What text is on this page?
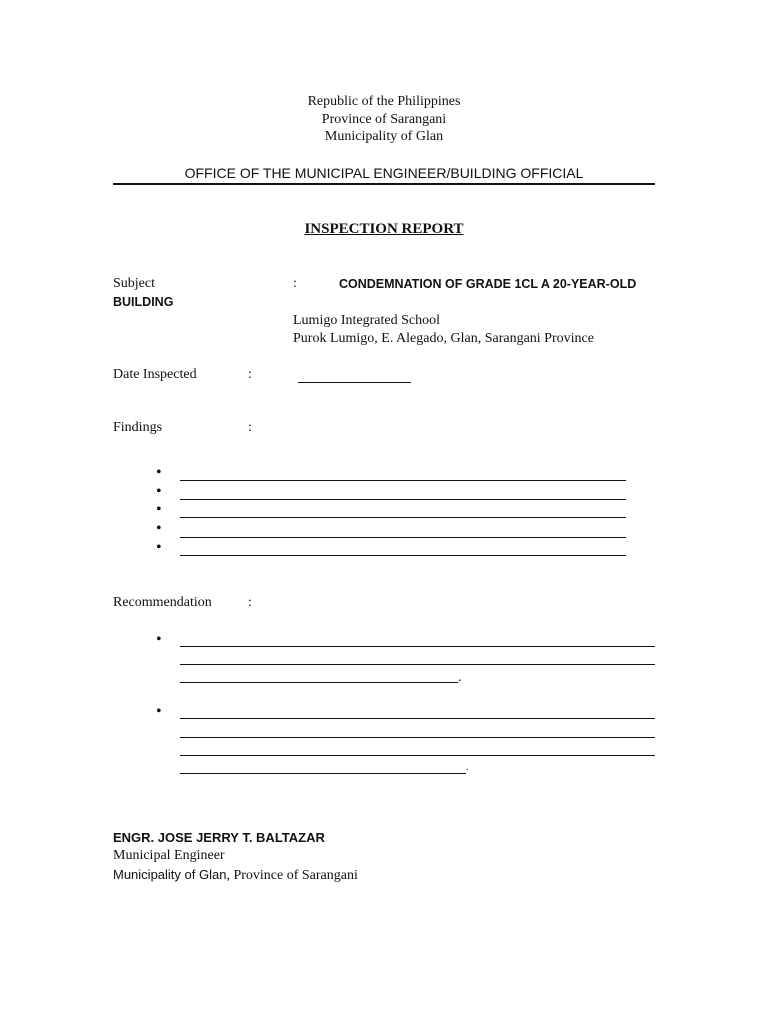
Republic of the Philippines
Province of Sarangani
Municipality of Glan
OFFICE OF THE MUNICIPAL ENGINEER/BUILDING OFFICIAL
INSPECTION REPORT
Subject	:	CONDEMNATION OF GRADE 1CL A 20-YEAR-OLD
BUILDING
Lumigo Integrated School
Purok Lumigo, E. Alegado, Glan, Sarangani Province
Date Inspected	:
Findings	:
•
•
•
•
•
Recommendation	:
•
.
•
.
ENGR. JOSE JERRY T. BALTAZAR
Municipal Engineer
Municipality of Glan, Province of Sarangani
